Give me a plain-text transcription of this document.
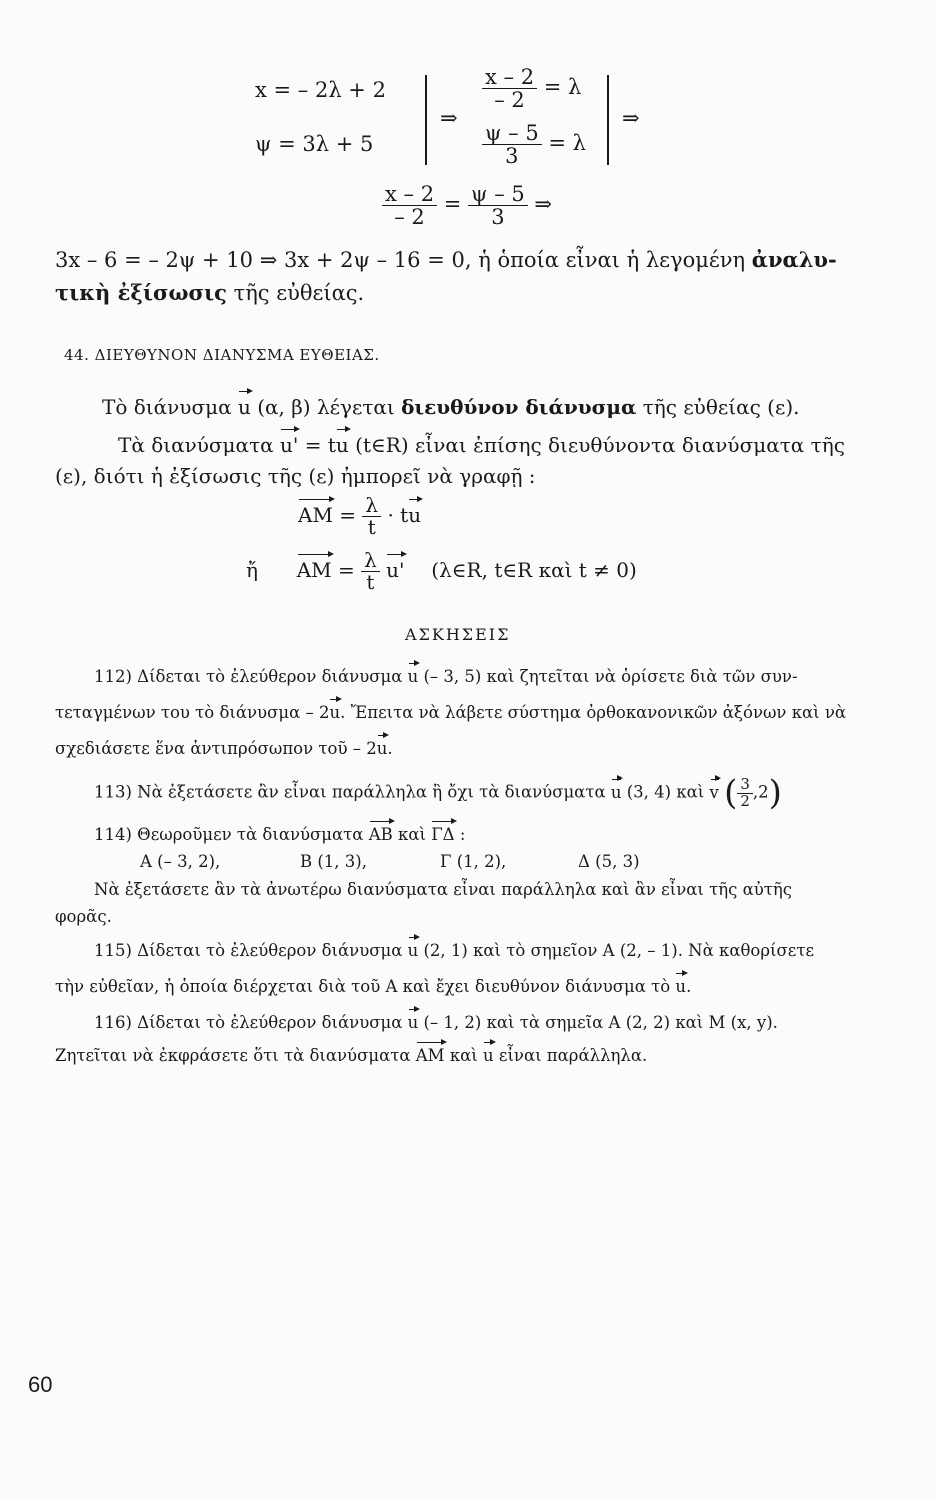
x = – 2λ + 2
ψ = 3λ + 5
⇒
$\frac{x - 2}{- 2} = \lambda$
$\frac{\psi - 5}{3} = \lambda$
⇒
$\frac{x - 2}{- 2} = \frac{\psi - 5}{3}$ ⇒
3x – 6 = – 2ψ + 10 ⇒ 3x + 2ψ – 16 = 0, ἡ ὁποία εἶναι ἡ λεγομένη ἀναλυ-
τικὴ ἐξίσωσις τῆς εὐθείας.
44. ΔΙΕΥΘΥΝΟΝ ΔΙΑΝΥΣΜΑ ΕΥΘΕΙΑΣ.
Τὸ διάνυσμα u (α, β) λέγεται διευθύνον διάνυσμα τῆς εὐθείας (ε).
Τὰ διανύσματα u' = tu (t∈R) εἶναι ἐπίσης διευθύνοντα διανύσματα τῆς
(ε), διότι ἡ ἐξίσωσις τῆς (ε) ἠμπορεῖ νὰ γραφῇ :
AM = $\frac{\lambda}{t}$ · tu
ἤ AM = $\frac{\lambda}{t} u'$ (λ∈R, t∈R καὶ t ≠ 0)
ΑΣΚΗΣΕΙΣ
112) Δίδεται τὸ ἐλεύθερον διάνυσμα u (– 3, 5) καὶ ζητεῖται νὰ ὁρίσετε διὰ τῶν συν-
τεταγμένων του τὸ διάνυσμα – 2u. Ἔπειτα νὰ λάβετε σύστημα ὀρθοκανονικῶν ἀξόνων καὶ νὰ
σχεδιάσετε ἕνα ἀντιπρόσωπον τοῦ – 2u.
113) Νὰ ἐξετάσετε ἂν εἶναι παράλληλα ἢ ὄχι τὰ διανύσματα u (3, 4) καὶ v ( $\frac{3}{2} ,2$)
114) Θεωροῦμεν τὰ διανύσματα AB καὶ ΓΔ :
A (– 3, 2),	B (1, 3),	Γ (1, 2),	Δ (5, 3)
Νὰ ἐξετάσετε ἂν τὰ ἀνωτέρω διανύσματα εἶναι παράλληλα καὶ ἂν εἶναι τῆς αὐτῆς
φορᾶς.
115) Δίδεται τὸ ἐλεύθερον διάνυσμα u (2, 1) καὶ τὸ σημεῖον A (2, – 1). Νὰ καθορίσετε
τὴν εὐθεῖαν, ἡ ὁποία διέρχεται διὰ τοῦ A καὶ ἔχει διευθύνον διάνυσμα τὸ u.
116) Δίδεται τὸ ἐλεύθερον διάνυσμα u (– 1, 2) καὶ τὰ σημεῖα A (2, 2) καὶ M (x, y).
Ζητεῖται νὰ ἐκφράσετε ὅτι τὰ διανύσματα AM καὶ u εἶναι παράλληλα.
60
